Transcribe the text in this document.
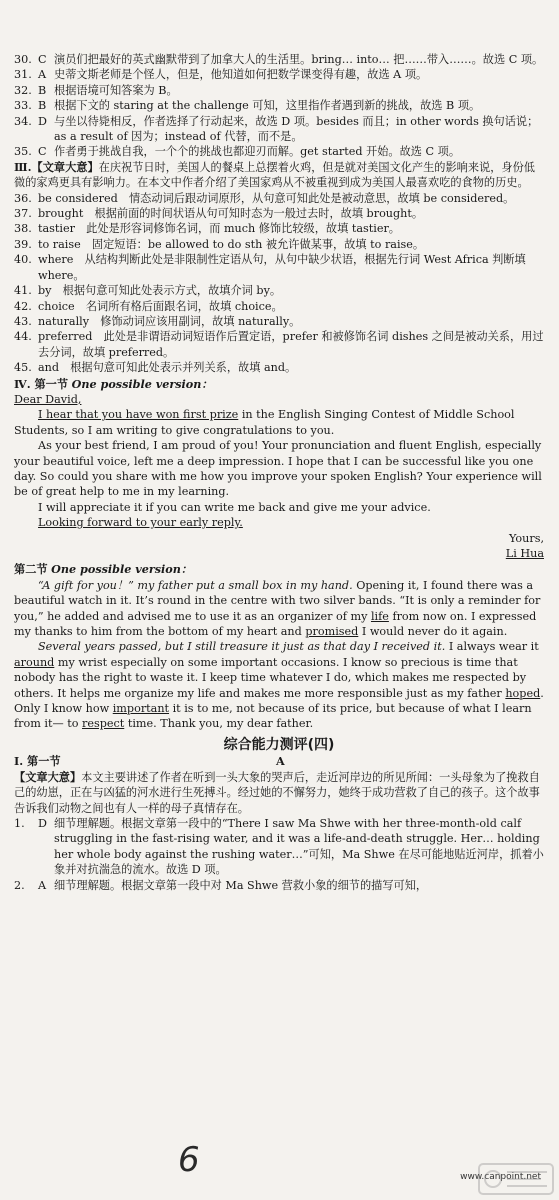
30. C 演员们把最好的英式幽默带到了加拿大人的生活里。bring… into… 把……带入……。故选 C 项。
31. A 史蒂文斯老师是个怪人，但是，他知道如何把数学课变得有趣，故选 A 项。
32. B 根据语境可知答案为 B。
33. B 根据下文的 staring at the challenge 可知，这里指作者遇到新的挑战，故选 B 项。
34. D 与坐以待毙相反，作者选择了行动起来，故选 D 项。besides 而且；in other words 换句话说；as a result of 因为；instead of 代替，而不是。
35. C 作者勇于挑战自我，一个个的挑战也都迎刃而解。get started 开始。故选 C 项。
Ⅲ.【文章大意】在庆祝节日时，美国人的餐桌上总摆着火鸡，但是就对美国文化产生的影响来说，身份低微的家鸡更具有影响力。在本文中作者介绍了美国家鸡从不被重视到成为美国人最喜欢吃的食物的历史。
36. be considered　情态动词后跟动词原形，从句意可知此处是被动意思，故填 be considered。
37. brought　根据前面的时间状语从句可知时态为一般过去时，故填 brought。
38. tastier　此处是形容词修饰名词，而 much 修饰比较级，故填 tastier。
39. to raise　固定短语：be allowed to do sth 被允许做某事，故填 to raise。
40. where　从结构判断此处是非限制性定语从句，从句中缺少状语，根据先行词 West Africa 判断填 where。
41. by　根据句意可知此处表示方式，故填介词 by。
42. choice　名词所有格后面跟名词，故填 choice。
43. naturally　修饰动词应该用副词，故填 naturally。
44. preferred　此处是非谓语动词短语作后置定语，prefer 和被修饰名词 dishes 之间是被动关系，用过去分词，故填 preferred。
45. and　根据句意可知此处表示并列关系，故填 and。
Ⅳ. 第一节 One possible version：

Dear David,

I hear that you have won first prize in the English Singing Contest of Middle School Students, so I am writing to give congratulations to you.

As your best friend, I am proud of you! Your pronunciation and fluent English, especially your beautiful voice, left me a deep impression. I hope that I can be successful like you one day. So could you share with me how you improve your spoken English? Your experience will be of great help to me in my learning.

I will appreciate it if you can write me back and give me your advice.

Looking forward to your early reply.

Yours,

Li Hua

第二节 One possible version：

“A gift for you！” my father put a small box in my hand. Opening it, I found there was a beautiful watch in it. It’s round in the centre with two silver bands. “It is only a reminder for you,” he added and advised me to use it as an organizer of my life from now on. I expressed my thanks to him from the bottom of my heart and promised I would never do it again.

Several years passed, but I still treasure it just as that day I received it. I always wear it around my wrist especially on some important occasions. I know so precious is time that nobody has the right to waste it. I keep time whatever I do, which makes me respected by others. It helps me organize my life and makes me more responsible just as my father hoped. Only I know how important it is to me, not because of its price, but because of what I learn from it— to respect time. Thank you, my dear father.

综合能力测评(四)
Ⅰ. 第一节	A
【文章大意】本文主要讲述了作者在听到一头大象的哭声后，走近河岸边的所见所闻：一头母象为了挽救自己的幼崽，正在与凶猛的河水进行生死搏斗。经过她的不懈努力，她终于成功营救了自己的孩子。这个故事告诉我们动物之间也有人一样的母子真情存在。
1.	D 细节理解题。根据文章第一段中的“There I saw Ma Shwe with her three-month-old calf struggling in the fast-rising water, and it was a life-and-death struggle. Her… holding her whole body against the rushing water…”可知，Ma Shwe 在尽可能地贴近河岸，抓着小象并对抗湍急的流水。故选 D 项。
2.	A 细节理解题。根据文章第一段中对 Ma Shwe 营救小象的细节的描写可知，
6	www.canpoint.net
